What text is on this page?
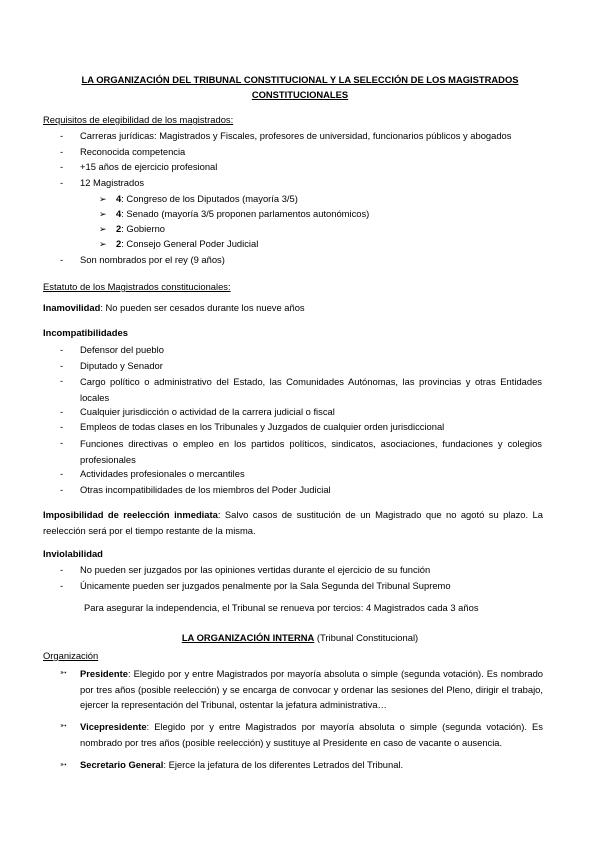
LA ORGANIZACIÓN DEL TRIBUNAL CONSTITUCIONAL Y LA SELECCIÓN DE LOS MAGISTRADOS
CONSTITUCIONALES
Requisitos de elegibilidad de los magistrados:
- Carreras jurídicas: Magistrados y Fiscales, profesores de universidad, funcionarios públicos y abogados
- Reconocida competencia
- +15 años de ejercicio profesional
- 12 Magistrados
➢ 4: Congreso de los Diputados (mayoría 3/5)
➢ 4: Senado (mayoría 3/5 proponen parlamentos autonómicos)
➢ 2: Gobierno
➢ 2: Consejo General Poder Judicial
- Son nombrados por el rey (9 años)
Estatuto de los Magistrados constitucionales:
Inamovilidad: No pueden ser cesados durante los nueve años
Incompatibilidades
- Defensor del pueblo
- Diputado y Senador
- Cargo político o administrativo del Estado, las Comunidades Autónomas, las provincias y otras Entidades locales
- Cualquier jurisdicción o actividad de la carrera judicial o fiscal
- Empleos de todas clases en los Tribunales y Juzgados de cualquier orden jurisdiccional
- Funciones directivas o empleo en los partidos políticos, sindicatos, asociaciones, fundaciones y colegios profesionales
- Actividades profesionales o mercantiles
- Otras incompatibilidades de los miembros del Poder Judicial
Imposibilidad de reelección inmediata: Salvo casos de sustitución de un Magistrado que no agotó su plazo. La reelección será por el tiempo restante de la misma.
Inviolabilidad
- No pueden ser juzgados por las opiniones vertidas durante el ejercicio de su función
- Únicamente pueden ser juzgados penalmente por la Sala Segunda del Tribunal Supremo
Para asegurar la independencia, el Tribunal se renueva por tercios: 4 Magistrados cada 3 años
LA ORGANIZACIÓN INTERNA (Tribunal Constitucional)
Organización
➳ Presidente: Elegido por y entre Magistrados por mayoría absoluta o simple (segunda votación). Es nombrado por tres años (posible reelección) y se encarga de convocar y ordenar las sesiones del Pleno, dirigir el trabajo, ejercer la representación del Tribunal, ostentar la jefatura administrativa…
➳ Vicepresidente: Elegido por y entre Magistrados por mayoría absoluta o simple (segunda votación). Es nombrado por tres años (posible reelección) y sustituye al Presidente en caso de vacante o ausencia.
➳ Secretario General: Ejerce la jefatura de los diferentes Letrados del Tribunal.
